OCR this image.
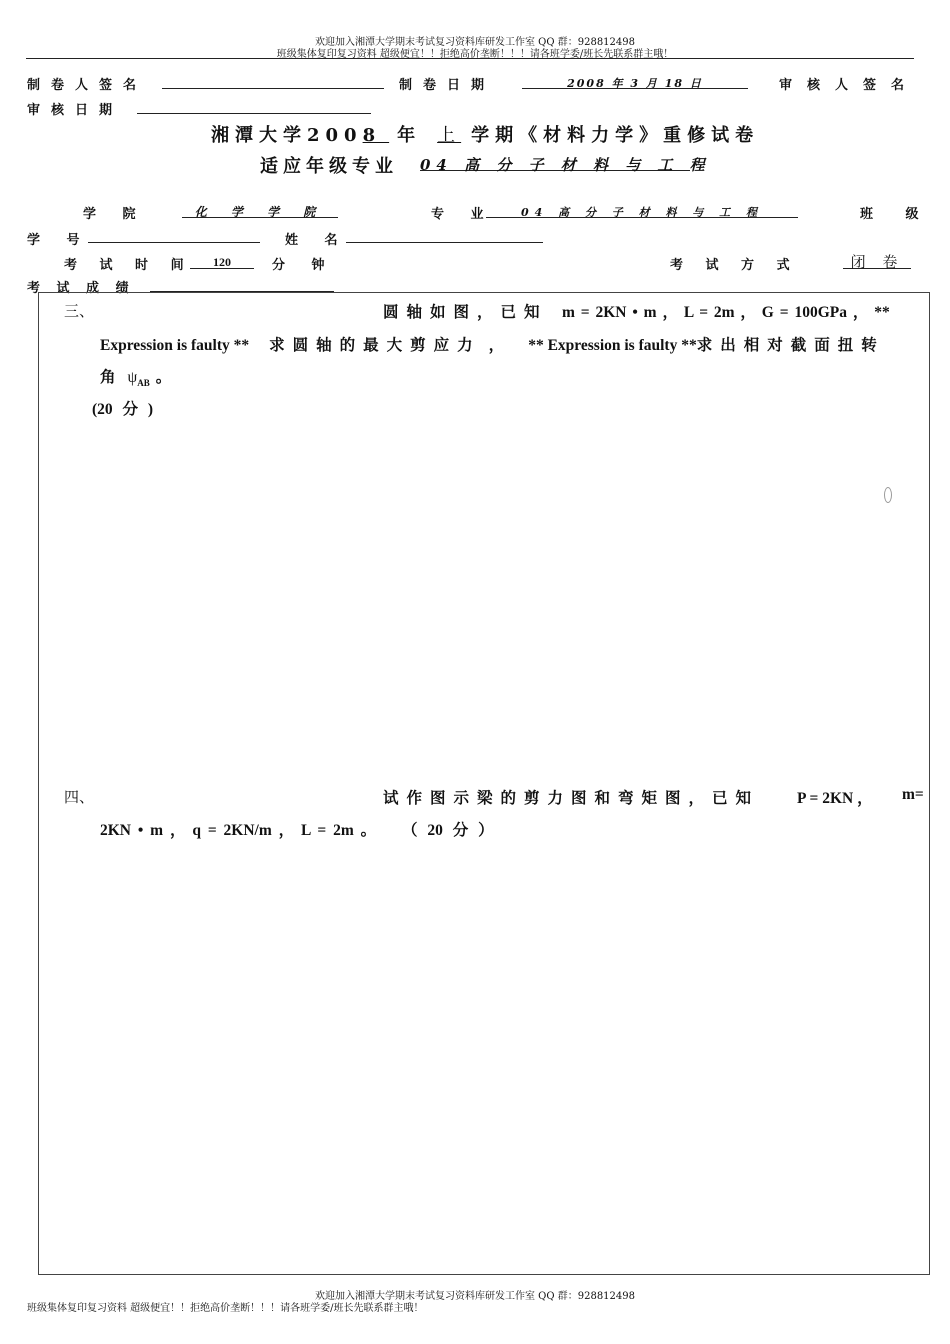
欢迎加入湘潭大学期末考试复习资料库研发工作室 QQ 群：928812498
班级集体复印复习资料 超级便宜！！拒绝高价垄断！！！请各班学委/班长先联系群主哦！
制卷人签名	制卷日期	2008 年 3 月 18 日	审核人签名
审核日期
湘潭大学2008 年 上 学期《材料力学》重修试卷
适应年级专业 04 高 分 子 材 料 与 工 程
学 院	化 学 学 院	专 业	04 高 分 子 材 料 与 工 程	班 级
学 号	姓 名
考 试 时 间	120	分 钟	考 试 方 式	闭 卷
考 试 成 绩
三、	圆轴如图，已知 m = 2KN • m ， L = 2m ， G = 100GPa ， **
Expression is faulty ** 求圆轴的最大剪应力 ， ** Expression is faulty **求出相对截面扭转
角 $\psi_{AB}$ 。
(20 分 )
四、	试作图示梁的剪力图和弯矩图，已知 P = 2KN ， m=
2KN • m ， q = 2KN/m ， L = 2m 。 （ 20 分 ）
欢迎加入湘潭大学期末考试复习资料库研发工作室 QQ 群：928812498
班级集体复印复习资料 超级便宜！！拒绝高价垄断！！！请各班学委/班长先联系群主哦！
